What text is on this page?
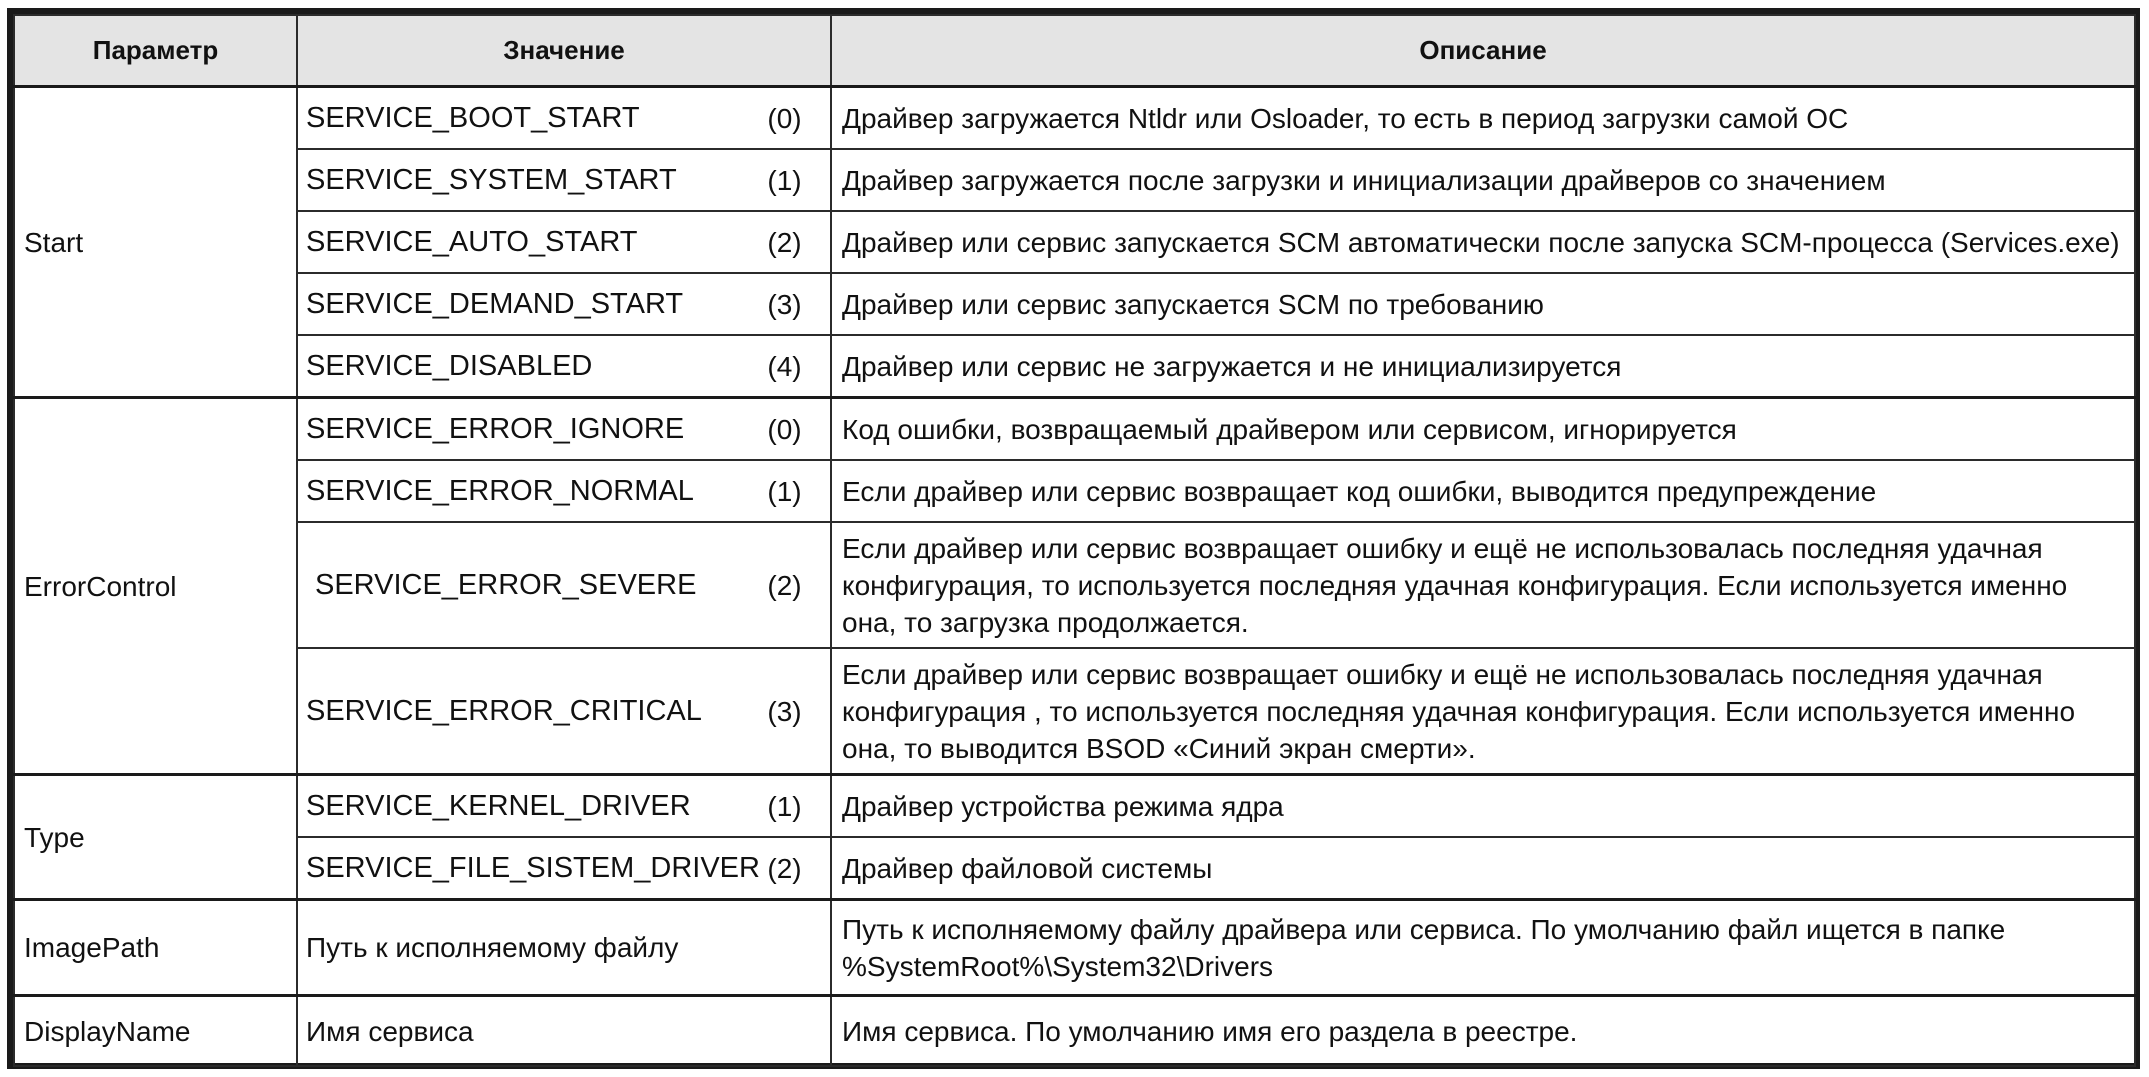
Параметр	Значение		Описание
Start	SERVICE_BOOT_START	(0)	Драйвер загружается Ntldr или Osloader, то есть в период загрузки самой ОС
	SERVICE_SYSTEM_START	(1)	Драйвер загружается после загрузки и инициализации драйверов со значением
	SERVICE_AUTO_START	(2)	Драйвер или сервис запускается SCM автоматически после запуска SCM-процесса (Services.exe)
	SERVICE_DEMAND_START	(3)	Драйвер или сервис запускается SCM по требованию
	SERVICE_DISABLED	(4)	Драйвер или сервис не загружается и не инициализируется
ErrorControl	SERVICE_ERROR_IGNORE	(0)	Код ошибки, возвращаемый драйвером или сервисом, игнорируется
	SERVICE_ERROR_NORMAL	(1)	Если драйвер или сервис возвращает код ошибки, выводится предупреждение
	SERVICE_ERROR_SEVERE	(2)	Если драйвер или сервис возвращает ошибку и ещё не использовалась последняя удачная конфигурация, то используется последняя удачная конфигурация. Если используется именно она, то загрузка продолжается.
	SERVICE_ERROR_CRITICAL	(3)	Если драйвер или сервис возвращает ошибку и ещё не использовалась последняя удачная конфигурация , то используется последняя удачная конфигурация. Если используется именно она, то выводится BSOD «Синий экран смерти».
Type	SERVICE_KERNEL_DRIVER	(1)	Драйвер устройства режима ядра
	SERVICE_FILE_SISTEM_DRIVER	(2)	Драйвер файловой системы
ImagePath	Путь к исполняемому файлу		Путь к исполняемому файлу драйвера или сервиса. По умолчанию файл ищется в папке %SystemRoot%\System32\Drivers
DisplayName	Имя сервиса		Имя сервиса. По умолчанию имя его раздела в реестре.
